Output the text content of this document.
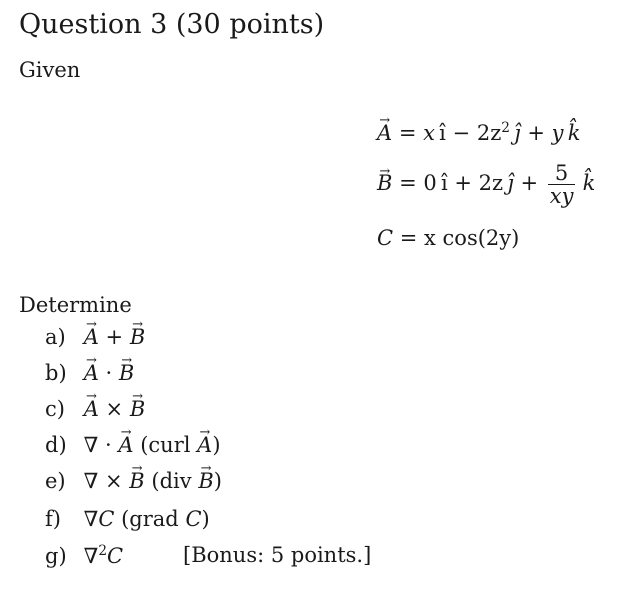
Question 3 (30 points)
Given
→ A = x î − $2z^2$  ȷ̂ + y  k̂
→ B = 0 î + 2z  ȷ̂ + $\frac{5}{xy}$
  k̂
C = x cos(2y)
Determine
a) → A + → B
b) → A · → B
c) → A × → B
d) ∇ · → A (curl → A)
e) ∇ × → B (div → B)
f) ∇C (grad C)
g) ∇$^2$C	[Bonus: 5 points.]
